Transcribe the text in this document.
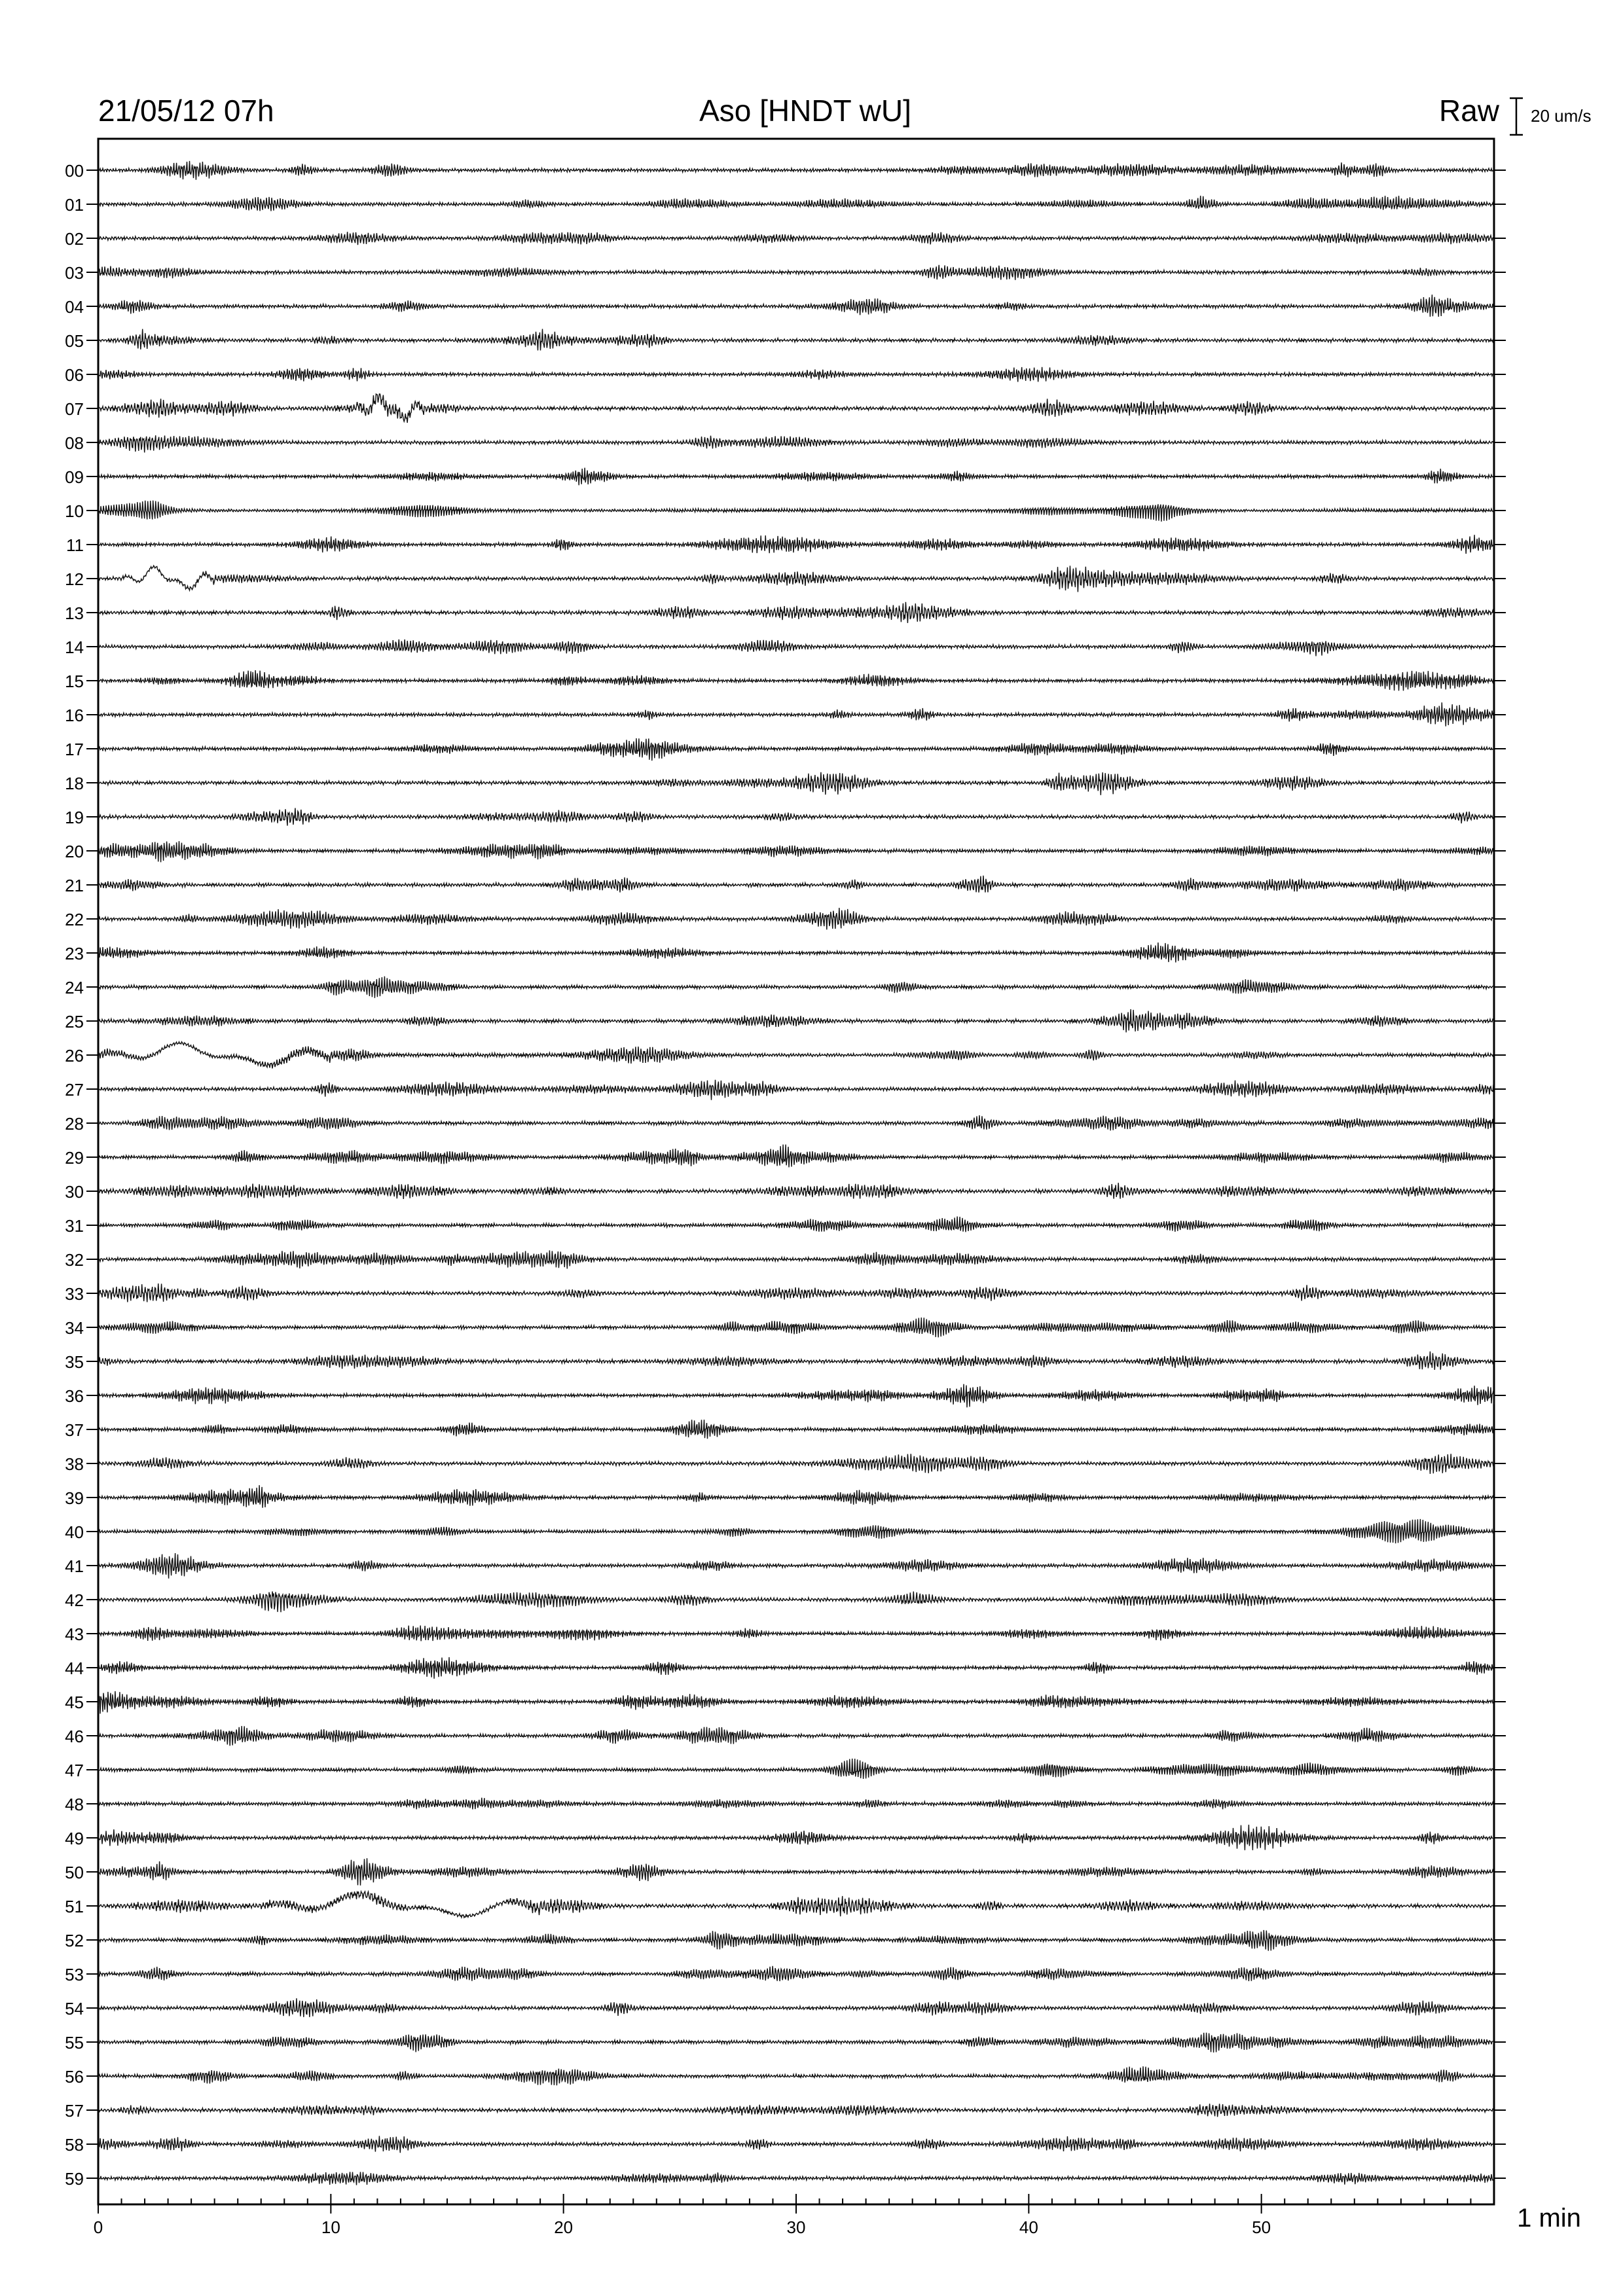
21/05/12 07h	Aso [HNDT wU]	Raw 20 um/s
00
01
02
03
04
05
06
07
08
09
10
11
12
13
14
15
16
17
18
19
20
21
22
23
24
25
26
27
28
29
30
31
32
33
34
35
36
37
38
39
40
41
42
43
44
45
46
47
48
49
50
51
52
53
54
55
56
57
58
59
0	10	20	30	40	50	1 min
